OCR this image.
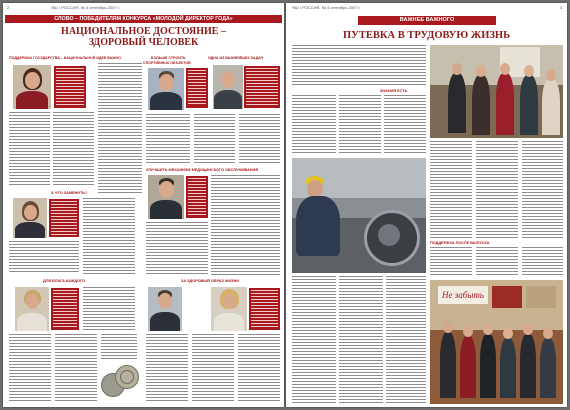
2	ЯШ • РОССИЯ, № 4 сентябрь 2007 г.
СЛОВО – ПОБЕДИТЕЛЯМ КОНКУРСА «МОЛОДОЙ ДИРЕКТОР ГОДА»
НАЦИОНАЛЬНОЕ ДОСТОЯНИЕ –
ЗДОРОВЫЙ ЧЕЛОВЕК
ПОДДЕРЖКА ГОСУДАРСТВА – НАЦИОНАЛЬНОЙ ИДЕЕ ВАЖНО	БОЛЬШЕ СТРОИТЬ
СПОРТИВНЫХ ОБЪЕКТОВ
ОДНА ИЗ ВАЖНЕЙШИХ ЗАДАЧ
А ЧТО ЗАМЕНИТЬ?
УЛУЧШИТЬ МЕХАНИЗМ МЕДИЦИНСКОГО ОБСЛУЖИВАНИЯ
ДЛЯ БЛАГА КАЖДОГО	ЗА ЗДОРОВЫЙ ОБРАЗ ЖИЗНИ
ЯШ • РОССИЯ, № 4 сентябрь 2007 г.	3
ВАЖНЕЕ ВАЖНОГО
ПУТЕВКА В ТРУДОВУЮ ЖИЗНЬ
ЗНАНИЯ ЕСТЬ
ПОДДЕРЖКА ПОСЛЕ ВЫПУСКА
Не забыть
